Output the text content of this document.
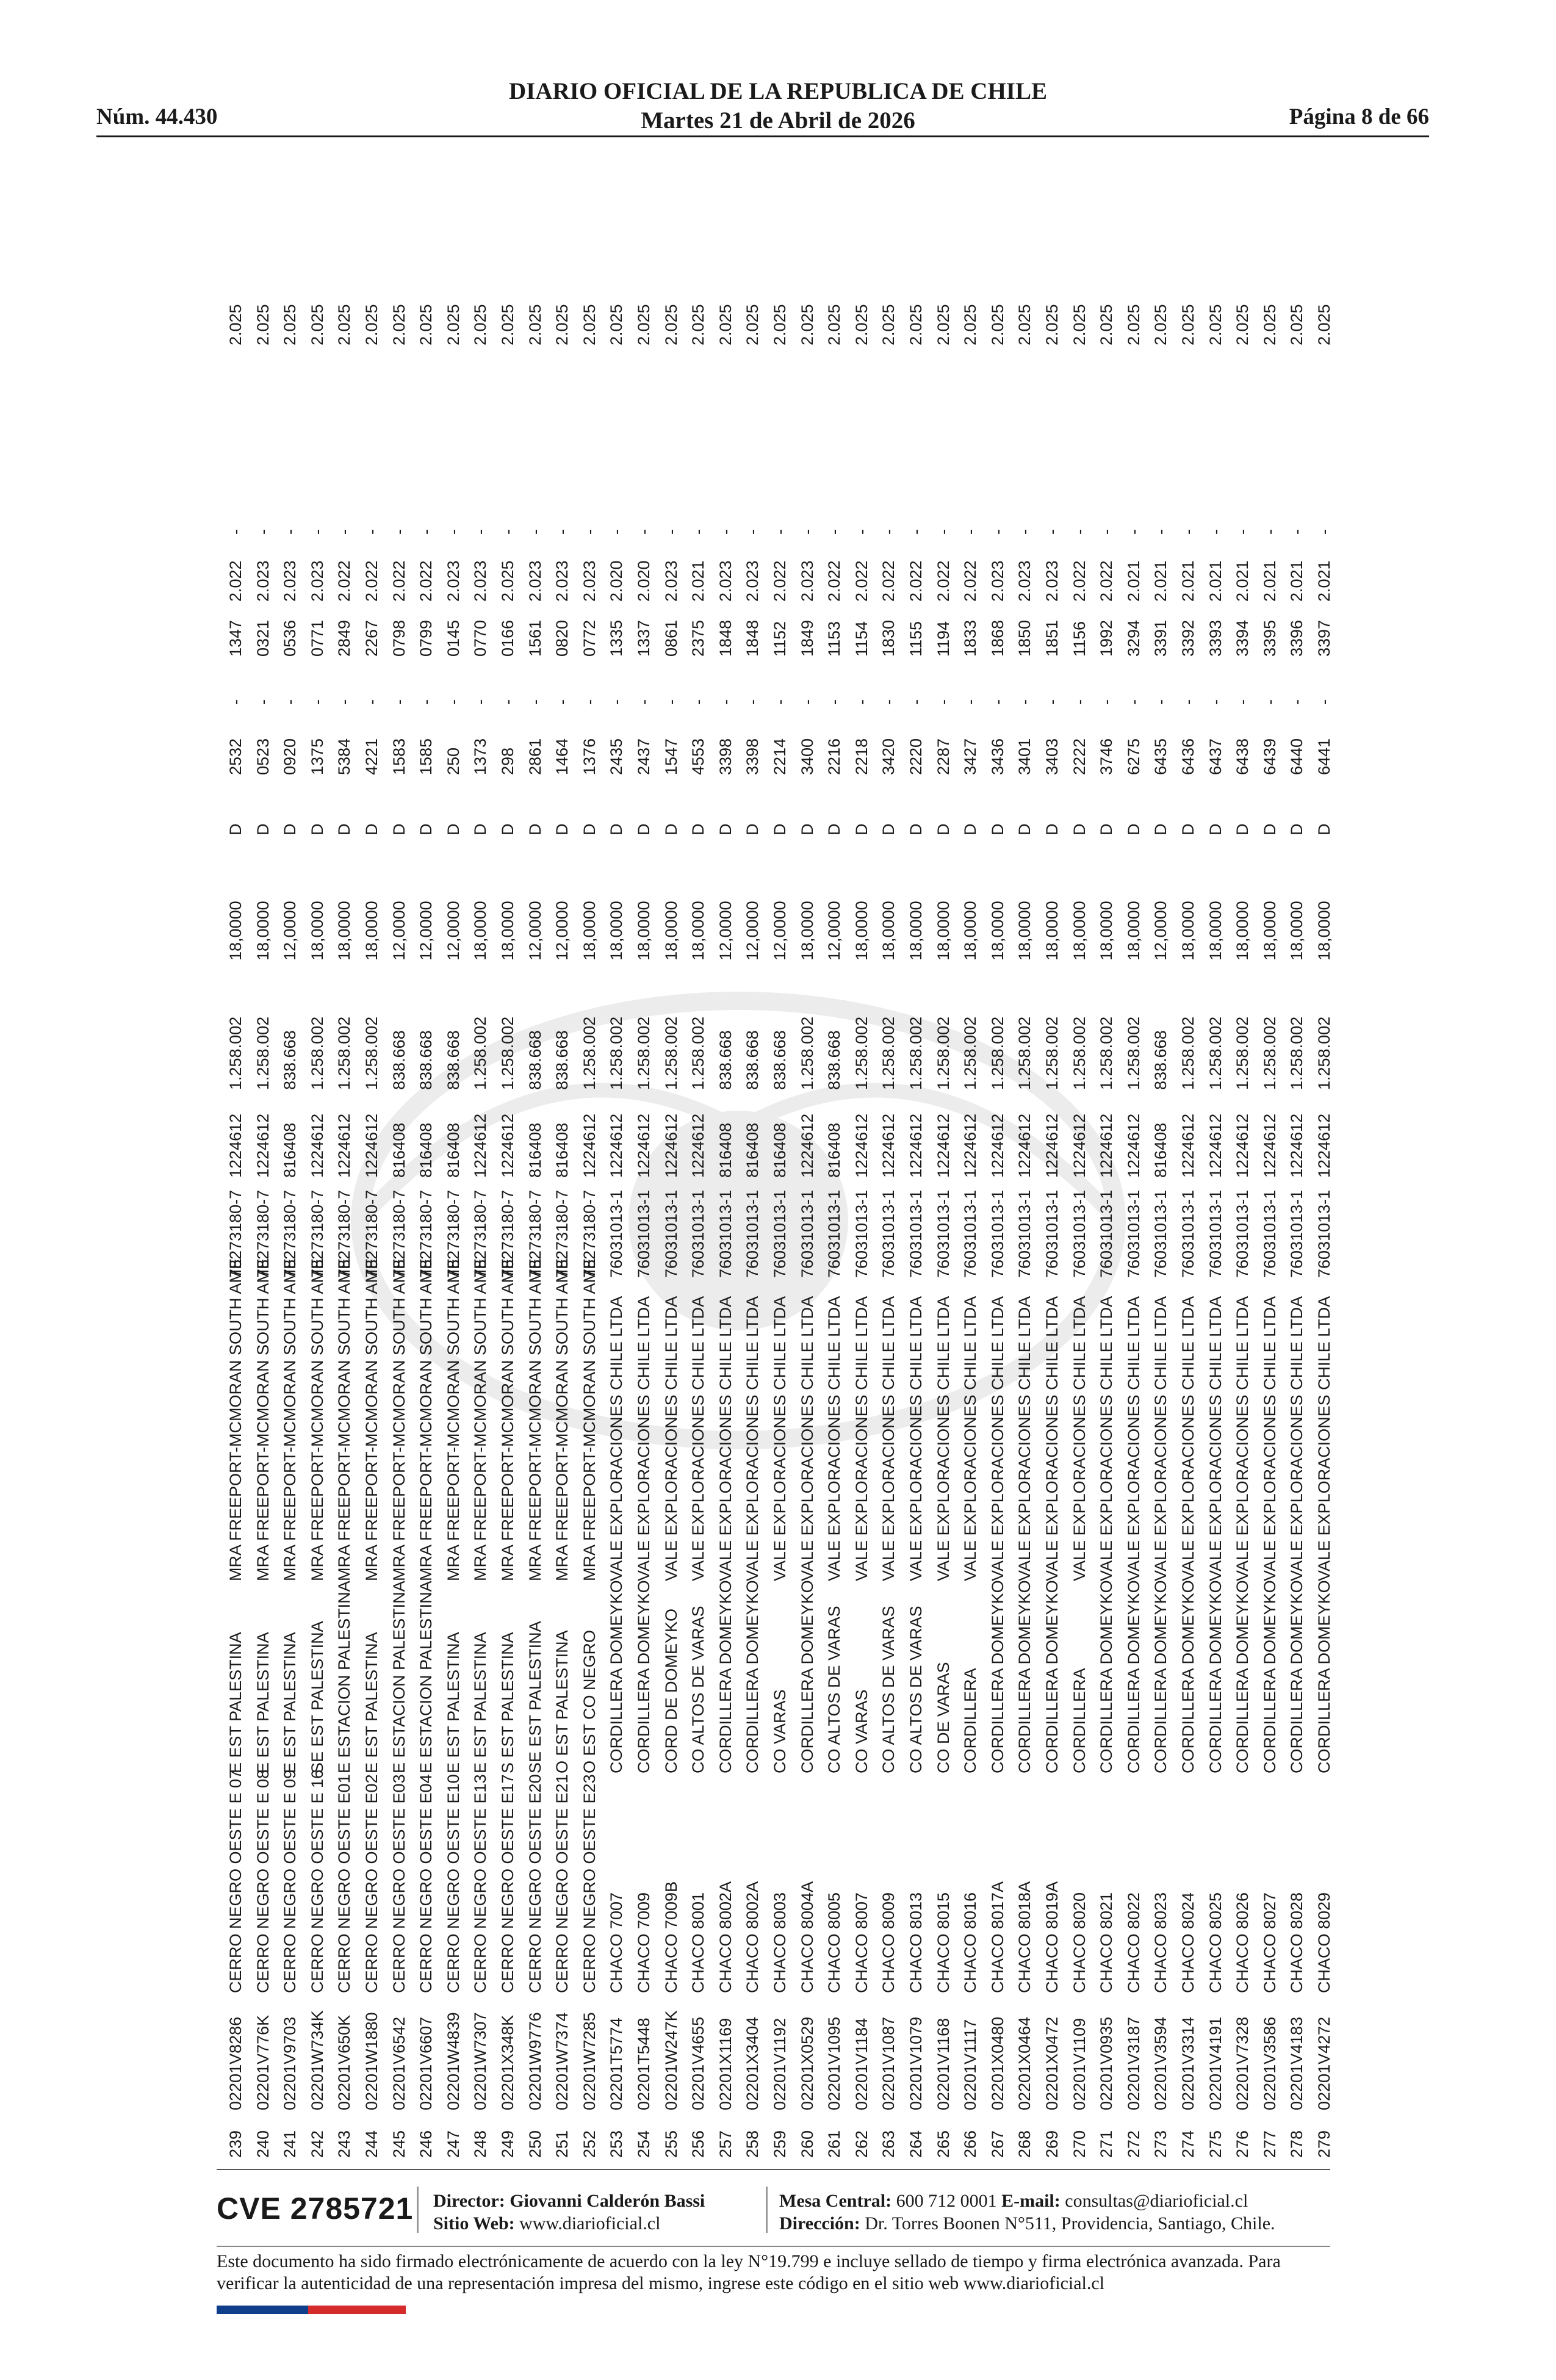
Núm. 44.430
DIARIO OFICIAL DE LA REPUBLICA DE CHILE
Martes 21 de Abril de 2026	Página 8 de 66
239
02201V8286
CERRO NEGRO OESTE E 07
E EST PALESTINA
MRA FREEPORT-MCMORAN SOUTH AME
78273180-7
1224612
1.258.002
18,0000
D
2532
-
1347
2.022
-
2.025
240
02201V776K
CERRO NEGRO OESTE E 08
E EST PALESTINA
MRA FREEPORT-MCMORAN SOUTH AME
78273180-7
1224612
1.258.002
18,0000
D
0523
-
0321
2.023
-
2.025
241
02201V9703
CERRO NEGRO OESTE E 09
E EST PALESTINA
MRA FREEPORT-MCMORAN SOUTH AME
78273180-7
816408
838.668
12,0000
D
0920
-
0536
2.023
-
2.025
242
02201W734K
CERRO NEGRO OESTE E 16
SE EST PALESTINA
MRA FREEPORT-MCMORAN SOUTH AME
78273180-7
1224612
1.258.002
18,0000
D
1375
-
0771
2.023
-
2.025
243
02201V650K
CERRO NEGRO OESTE E01
E ESTACION PALESTINA
MRA FREEPORT-MCMORAN SOUTH AME
78273180-7
1224612
1.258.002
18,0000
D
5384
-
2849
2.022
-
2.025
244
02201W1880
CERRO NEGRO OESTE E02
E EST PALESTINA
MRA FREEPORT-MCMORAN SOUTH AME
78273180-7
1224612
1.258.002
18,0000
D
4221
-
2267
2.022
-
2.025
245
02201V6542
CERRO NEGRO OESTE E03
E ESTACION PALESTINA
MRA FREEPORT-MCMORAN SOUTH AME
78273180-7
816408
838.668
12,0000
D
1583
-
0798
2.022
-
2.025
246
02201V6607
CERRO NEGRO OESTE E04
E ESTACION PALESTINA
MRA FREEPORT-MCMORAN SOUTH AME
78273180-7
816408
838.668
12,0000
D
1585
-
0799
2.022
-
2.025
247
02201W4839
CERRO NEGRO OESTE E10
E EST PALESTINA
MRA FREEPORT-MCMORAN SOUTH AME
78273180-7
816408
838.668
12,0000
D
250
-
0145
2.023
-
2.025
248
02201W7307
CERRO NEGRO OESTE E13
E EST PALESTINA
MRA FREEPORT-MCMORAN SOUTH AME
78273180-7
1224612
1.258.002
18,0000
D
1373
-
0770
2.023
-
2.025
249
02201X348K
CERRO NEGRO OESTE E17
S EST PALESTINA
MRA FREEPORT-MCMORAN SOUTH AME
78273180-7
1224612
1.258.002
18,0000
D
298
-
0166
2.025
-
2.025
250
02201W9776
CERRO NEGRO OESTE E20
SE EST PALESTINA
MRA FREEPORT-MCMORAN SOUTH AME
78273180-7
816408
838.668
12,0000
D
2861
-
1561
2.023
-
2.025
251
02201W7374
CERRO NEGRO OESTE E21
O EST PALESTINA
MRA FREEPORT-MCMORAN SOUTH AME
78273180-7
816408
838.668
12,0000
D
1464
-
0820
2.023
-
2.025
252
02201W7285
CERRO NEGRO OESTE E23
O EST CO NEGRO
MRA FREEPORT-MCMORAN SOUTH AME
78273180-7
1224612
1.258.002
18,0000
D
1376
-
0772
2.023
-
2.025
253
02201T5774
CHACO 7007
CORDILLERA DOMEYKO
VALE EXPLORACIONES CHILE LTDA
76031013-1
1224612
1.258.002
18,0000
D
2435
-
1335
2.020
-
2.025
254
02201T5448
CHACO 7009
CORDILLERA DOMEYKO
VALE EXPLORACIONES CHILE LTDA
76031013-1
1224612
1.258.002
18,0000
D
2437
-
1337
2.020
-
2.025
255
02201W247K
CHACO 7009B
CORD DE DOMEYKO
VALE EXPLORACIONES CHILE LTDA
76031013-1
1224612
1.258.002
18,0000
D
1547
-
0861
2.023
-
2.025
256
02201V4655
CHACO 8001
CO ALTOS DE VARAS
VALE EXPLORACIONES CHILE LTDA
76031013-1
1224612
1.258.002
18,0000
D
4553
-
2375
2.021
-
2.025
257
02201X1169
CHACO 8002A
CORDILLERA DOMEYKO
VALE EXPLORACIONES CHILE LTDA
76031013-1
816408
838.668
12,0000
D
3398
-
1848
2.023
-
2.025
258
02201X3404
CHACO 8002A
CORDILLERA DOMEYKO
VALE EXPLORACIONES CHILE LTDA
76031013-1
816408
838.668
12,0000
D
3398
-
1848
2.023
-
2.025
259
02201V1192
CHACO 8003
CO VARAS
VALE EXPLORACIONES CHILE LTDA
76031013-1
816408
838.668
12,0000
D
2214
-
1152
2.022
-
2.025
260
02201X0529
CHACO 8004A
CORDILLERA DOMEYKO
VALE EXPLORACIONES CHILE LTDA
76031013-1
1224612
1.258.002
18,0000
D
3400
-
1849
2.023
-
2.025
261
02201V1095
CHACO 8005
CO ALTOS DE VARAS
VALE EXPLORACIONES CHILE LTDA
76031013-1
816408
838.668
12,0000
D
2216
-
1153
2.022
-
2.025
262
02201V1184
CHACO 8007
CO VARAS
VALE EXPLORACIONES CHILE LTDA
76031013-1
1224612
1.258.002
18,0000
D
2218
-
1154
2.022
-
2.025
263
02201V1087
CHACO 8009
CO ALTOS DE VARAS
VALE EXPLORACIONES CHILE LTDA
76031013-1
1224612
1.258.002
18,0000
D
3420
-
1830
2.022
-
2.025
264
02201V1079
CHACO 8013
CO ALTOS DE VARAS
VALE EXPLORACIONES CHILE LTDA
76031013-1
1224612
1.258.002
18,0000
D
2220
-
1155
2.022
-
2.025
265
02201V1168
CHACO 8015
CO DE VARAS
VALE EXPLORACIONES CHILE LTDA
76031013-1
1224612
1.258.002
18,0000
D
2287
-
1194
2.022
-
2.025
266
02201V1117
CHACO 8016
CORDILLERA
VALE EXPLORACIONES CHILE LTDA
76031013-1
1224612
1.258.002
18,0000
D
3427
-
1833
2.022
-
2.025
267
02201X0480
CHACO 8017A
CORDILLERA DOMEYKO
VALE EXPLORACIONES CHILE LTDA
76031013-1
1224612
1.258.002
18,0000
D
3436
-
1868
2.023
-
2.025
268
02201X0464
CHACO 8018A
CORDILLERA DOMEYKO
VALE EXPLORACIONES CHILE LTDA
76031013-1
1224612
1.258.002
18,0000
D
3401
-
1850
2.023
-
2.025
269
02201X0472
CHACO 8019A
CORDILLERA DOMEYKO
VALE EXPLORACIONES CHILE LTDA
76031013-1
1224612
1.258.002
18,0000
D
3403
-
1851
2.023
-
2.025
270
02201V1109
CHACO 8020
CORDILLERA
VALE EXPLORACIONES CHILE LTDA
76031013-1
1224612
1.258.002
18,0000
D
2222
-
1156
2.022
-
2.025
271
02201V0935
CHACO 8021
CORDILLERA DOMEYKO
VALE EXPLORACIONES CHILE LTDA
76031013-1
1224612
1.258.002
18,0000
D
3746
-
1992
2.022
-
2.025
272
02201V3187
CHACO 8022
CORDILLERA DOMEYKO
VALE EXPLORACIONES CHILE LTDA
76031013-1
1224612
1.258.002
18,0000
D
6275
-
3294
2.021
-
2.025
273
02201V3594
CHACO 8023
CORDILLERA DOMEYKO
VALE EXPLORACIONES CHILE LTDA
76031013-1
816408
838.668
12,0000
D
6435
-
3391
2.021
-
2.025
274
02201V3314
CHACO 8024
CORDILLERA DOMEYKO
VALE EXPLORACIONES CHILE LTDA
76031013-1
1224612
1.258.002
18,0000
D
6436
-
3392
2.021
-
2.025
275
02201V4191
CHACO 8025
CORDILLERA DOMEYKO
VALE EXPLORACIONES CHILE LTDA
76031013-1
1224612
1.258.002
18,0000
D
6437
-
3393
2.021
-
2.025
276
02201V7328
CHACO 8026
CORDILLERA DOMEYKO
VALE EXPLORACIONES CHILE LTDA
76031013-1
1224612
1.258.002
18,0000
D
6438
-
3394
2.021
-
2.025
277
02201V3586
CHACO 8027
CORDILLERA DOMEYKO
VALE EXPLORACIONES CHILE LTDA
76031013-1
1224612
1.258.002
18,0000
D
6439
-
3395
2.021
-
2.025
278
02201V4183
CHACO 8028
CORDILLERA DOMEYKO
VALE EXPLORACIONES CHILE LTDA
76031013-1
1224612
1.258.002
18,0000
D
6440
-
3396
2.021
-
2.025
279
02201V4272
CHACO 8029
CORDILLERA DOMEYKO
VALE EXPLORACIONES CHILE LTDA
76031013-1
1224612
1.258.002
18,0000
D
6441
-
3397
2.021
-
2.025
CVE 2785721 Director: Giovanni Calderón Bassi
Sitio Web: www.diarioficial.cl
Mesa Central: 600 712 0001 E-mail: consultas@diarioficial.cl
Dirección: Dr. Torres Boonen N°511, Providencia, Santiago, Chile.
Este documento ha sido firmado electrónicamente de acuerdo con la ley N°19.799 e incluye sellado de tiempo y firma electrónica avanzada. Para verificar la autenticidad de una representación impresa del mismo, ingrese este código en el sitio web www.diarioficial.cl
